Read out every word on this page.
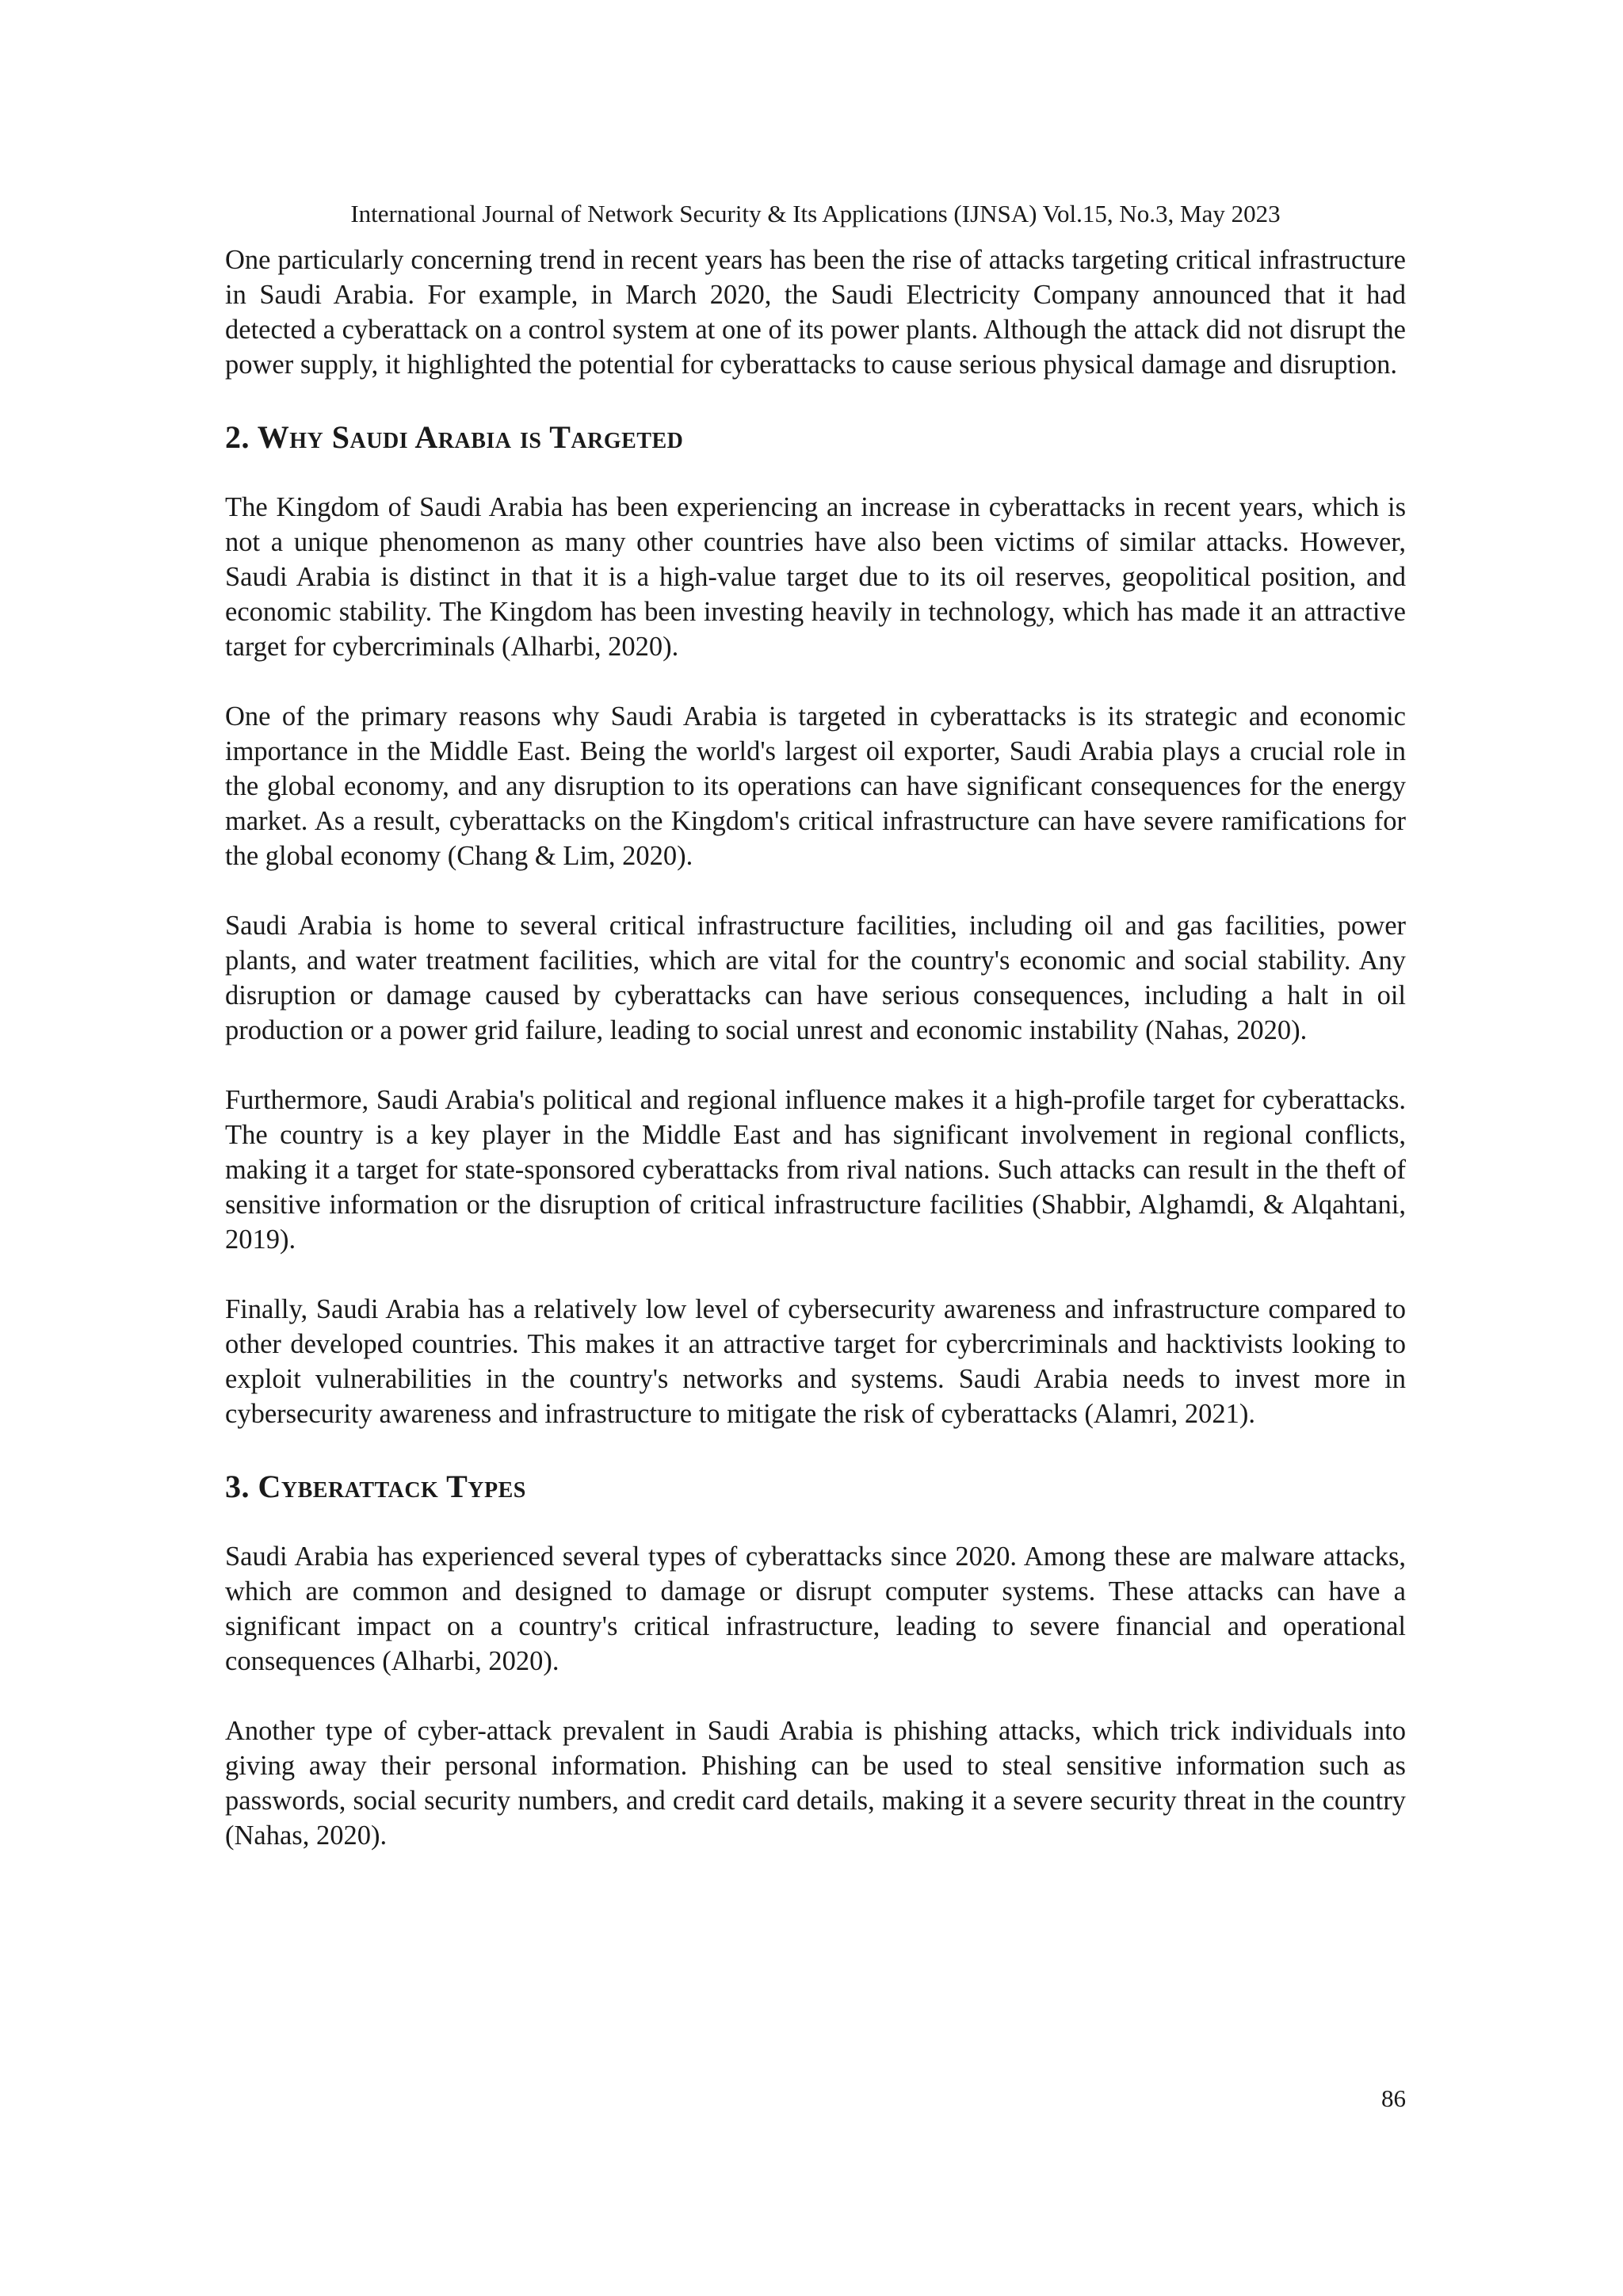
International Journal of Network Security & Its Applications (IJNSA) Vol.15, No.3, May 2023

One particularly concerning trend in recent years has been the rise of attacks targeting critical infrastructure in Saudi Arabia. For example, in March 2020, the Saudi Electricity Company announced that it had detected a cyberattack on a control system at one of its power plants. Although the attack did not disrupt the power supply, it highlighted the potential for cyberattacks to cause serious physical damage and disruption.

2. Why Saudi Arabia is Targeted

The Kingdom of Saudi Arabia has been experiencing an increase in cyberattacks in recent years, which is not a unique phenomenon as many other countries have also been victims of similar attacks. However, Saudi Arabia is distinct in that it is a high-value target due to its oil reserves, geopolitical position, and economic stability. The Kingdom has been investing heavily in technology, which has made it an attractive target for cybercriminals (Alharbi, 2020).

One of the primary reasons why Saudi Arabia is targeted in cyberattacks is its strategic and economic importance in the Middle East. Being the world's largest oil exporter, Saudi Arabia plays a crucial role in the global economy, and any disruption to its operations can have significant consequences for the energy market. As a result, cyberattacks on the Kingdom's critical infrastructure can have severe ramifications for the global economy (Chang & Lim, 2020).

Saudi Arabia is home to several critical infrastructure facilities, including oil and gas facilities, power plants, and water treatment facilities, which are vital for the country's economic and social stability. Any disruption or damage caused by cyberattacks can have serious consequences, including a halt in oil production or a power grid failure, leading to social unrest and economic instability (Nahas, 2020).

Furthermore, Saudi Arabia's political and regional influence makes it a high-profile target for cyberattacks. The country is a key player in the Middle East and has significant involvement in regional conflicts, making it a target for state-sponsored cyberattacks from rival nations. Such attacks can result in the theft of sensitive information or the disruption of critical infrastructure facilities (Shabbir, Alghamdi, & Alqahtani, 2019).

Finally, Saudi Arabia has a relatively low level of cybersecurity awareness and infrastructure compared to other developed countries. This makes it an attractive target for cybercriminals and hacktivists looking to exploit vulnerabilities in the country's networks and systems. Saudi Arabia needs to invest more in cybersecurity awareness and infrastructure to mitigate the risk of cyberattacks (Alamri, 2021).

3. Cyberattack Types

Saudi Arabia has experienced several types of cyberattacks since 2020. Among these are malware attacks, which are common and designed to damage or disrupt computer systems. These attacks can have a significant impact on a country's critical infrastructure, leading to severe financial and operational consequences (Alharbi, 2020).

Another type of cyber-attack prevalent in Saudi Arabia is phishing attacks, which trick individuals into giving away their personal information. Phishing can be used to steal sensitive information such as passwords, social security numbers, and credit card details, making it a severe security threat in the country (Nahas, 2020).

86
